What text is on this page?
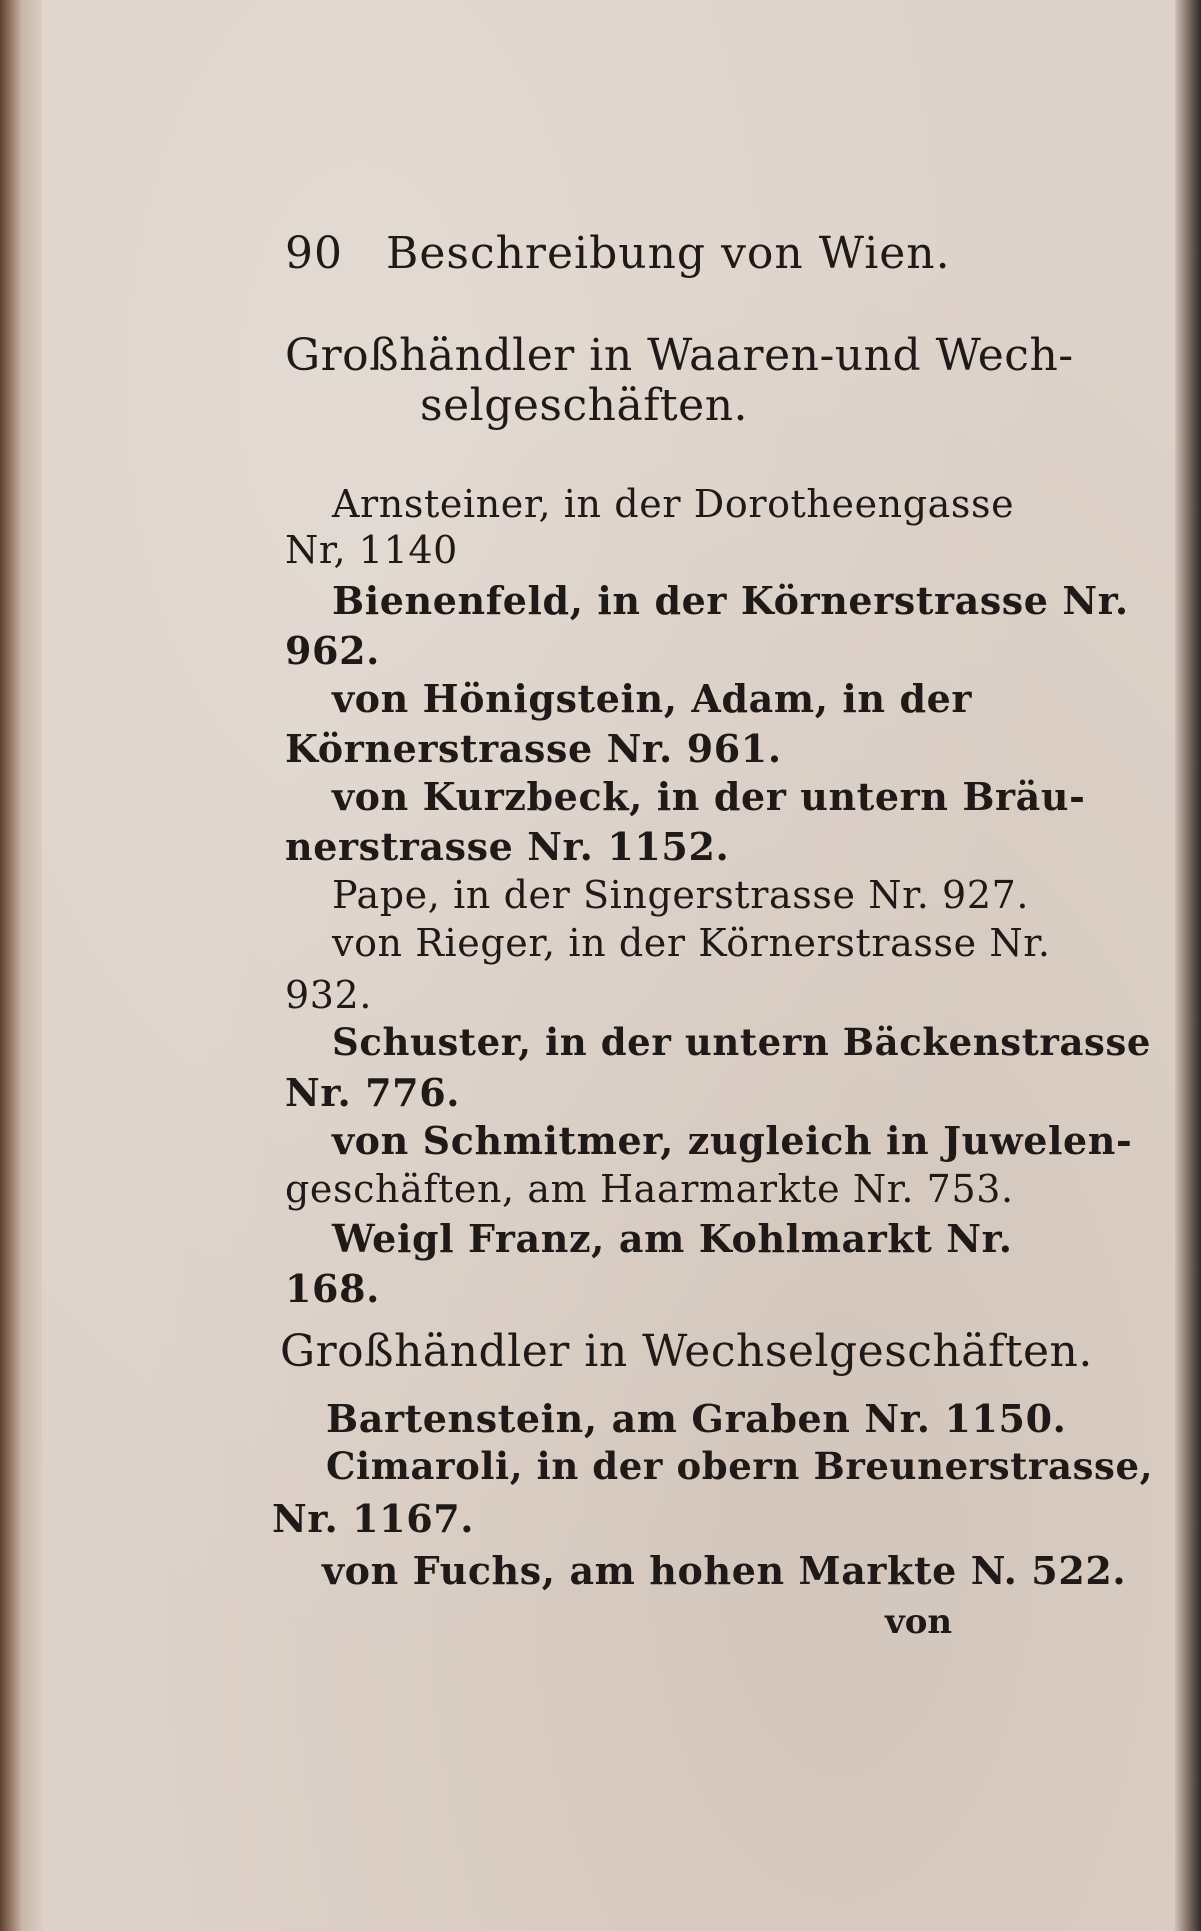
90 Beschreibung von Wien.
Großhändler in Waaren-und Wech-
selgeschäften.
Arnsteiner, in der Dorotheengasse
Nr, 1140
Bienenfeld, in der Körnerstrasse Nr.
962.
von Hönigstein, Adam, in der
Körnerstrasse Nr. 961.
von Kurzbeck, in der untern Bräu-
nerstrasse Nr. 1152.
Pape, in der Singerstrasse Nr. 927.
von Rieger, in der Körnerstrasse Nr.
932.
Schuster, in der untern Bäckenstrasse
Nr. 776.
von Schmitmer, zugleich in Juwelen-
geschäften, am Haarmarkte Nr. 753.
Weigl Franz, am Kohlmarkt Nr.
168.
Großhändler in Wechselgeschäften.
Bartenstein, am Graben Nr. 1150.
Cimaroli, in der obern Breunerstrasse,
Nr. 1167.
von Fuchs, am hohen Markte N. 522.
von
